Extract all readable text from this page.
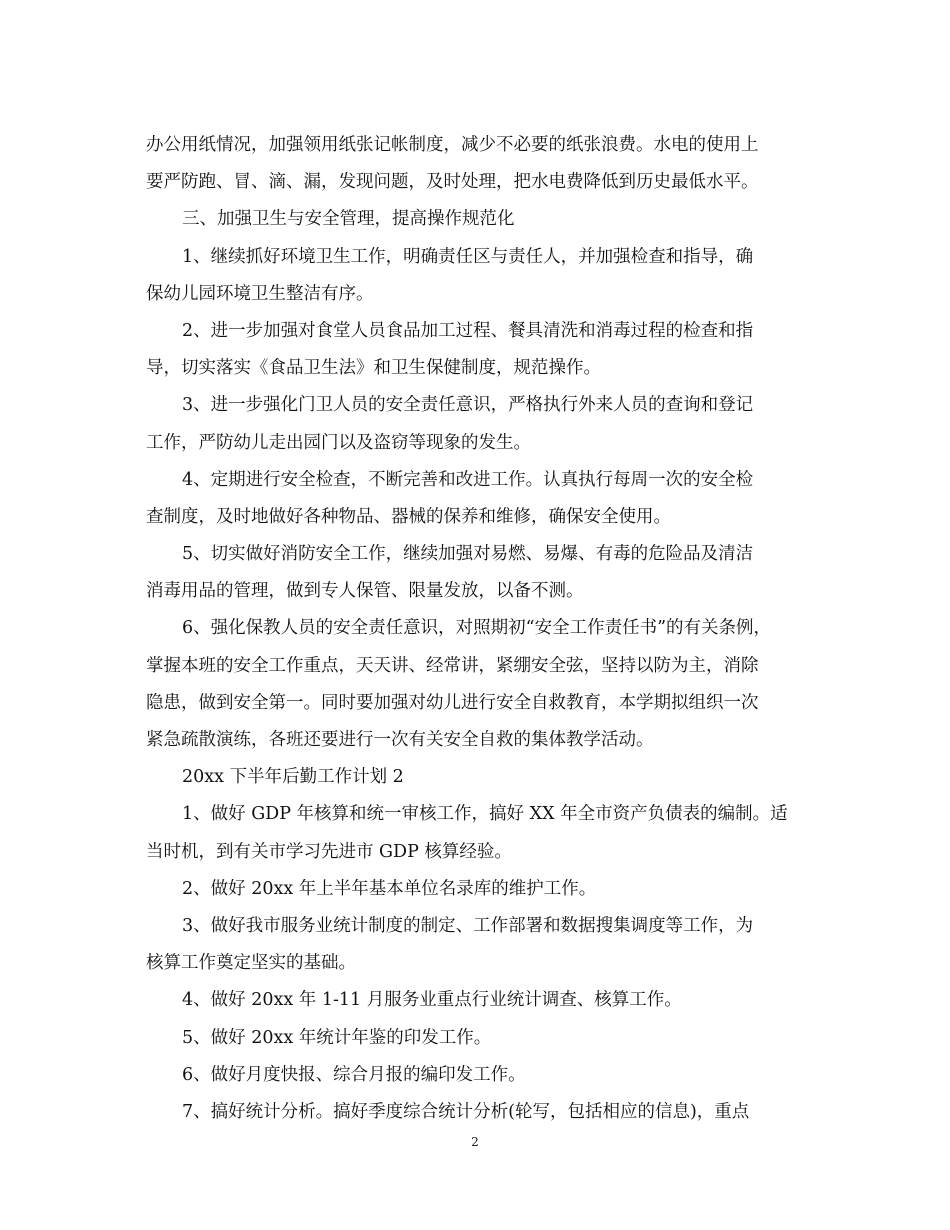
办公用纸情况，加强领用纸张记帐制度，减少不必要的纸张浪费。水电的使用上
要严防跑、冒、滴、漏，发现问题，及时处理，把水电费降低到历史最低水平。
三、加强卫生与安全管理，提高操作规范化
1、继续抓好环境卫生工作，明确责任区与责任人，并加强检查和指导，确
保幼儿园环境卫生整洁有序。
2、进一步加强对食堂人员食品加工过程、餐具清洗和消毒过程的检查和指
导，切实落实《食品卫生法》和卫生保健制度，规范操作。
3、进一步强化门卫人员的安全责任意识，严格执行外来人员的查询和登记
工作，严防幼儿走出园门以及盗窃等现象的发生。
4、定期进行安全检查，不断完善和改进工作。认真执行每周一次的安全检
查制度，及时地做好各种物品、器械的保养和维修，确保安全使用。
5、切实做好消防安全工作，继续加强对易燃、易爆、有毒的危险品及清洁
消毒用品的管理，做到专人保管、限量发放，以备不测。
6、强化保教人员的安全责任意识，对照期初“安全工作责任书”的有关条例，
掌握本班的安全工作重点，天天讲、经常讲，紧绷安全弦，坚持以防为主，消除
隐患，做到安全第一。同时要加强对幼儿进行安全自救教育，本学期拟组织一次
紧急疏散演练，各班还要进行一次有关安全自救的集体教学活动。
20xx 下半年后勤工作计划 2
1、做好 GDP 年核算和统一审核工作，搞好 XX 年全市资产负债表的编制。适
当时机，到有关市学习先进市 GDP 核算经验。
2、做好 20xx 年上半年基本单位名录库的维护工作。
3、做好我市服务业统计制度的制定、工作部署和数据搜集调度等工作，为
核算工作奠定坚实的基础。
4、做好 20xx 年 1-11 月服务业重点行业统计调查、核算工作。
5、做好 20xx 年统计年鉴的印发工作。
6、做好月度快报、综合月报的编印发工作。
7、搞好统计分析。搞好季度综合统计分析(轮写，包括相应的信息)，重点
2
